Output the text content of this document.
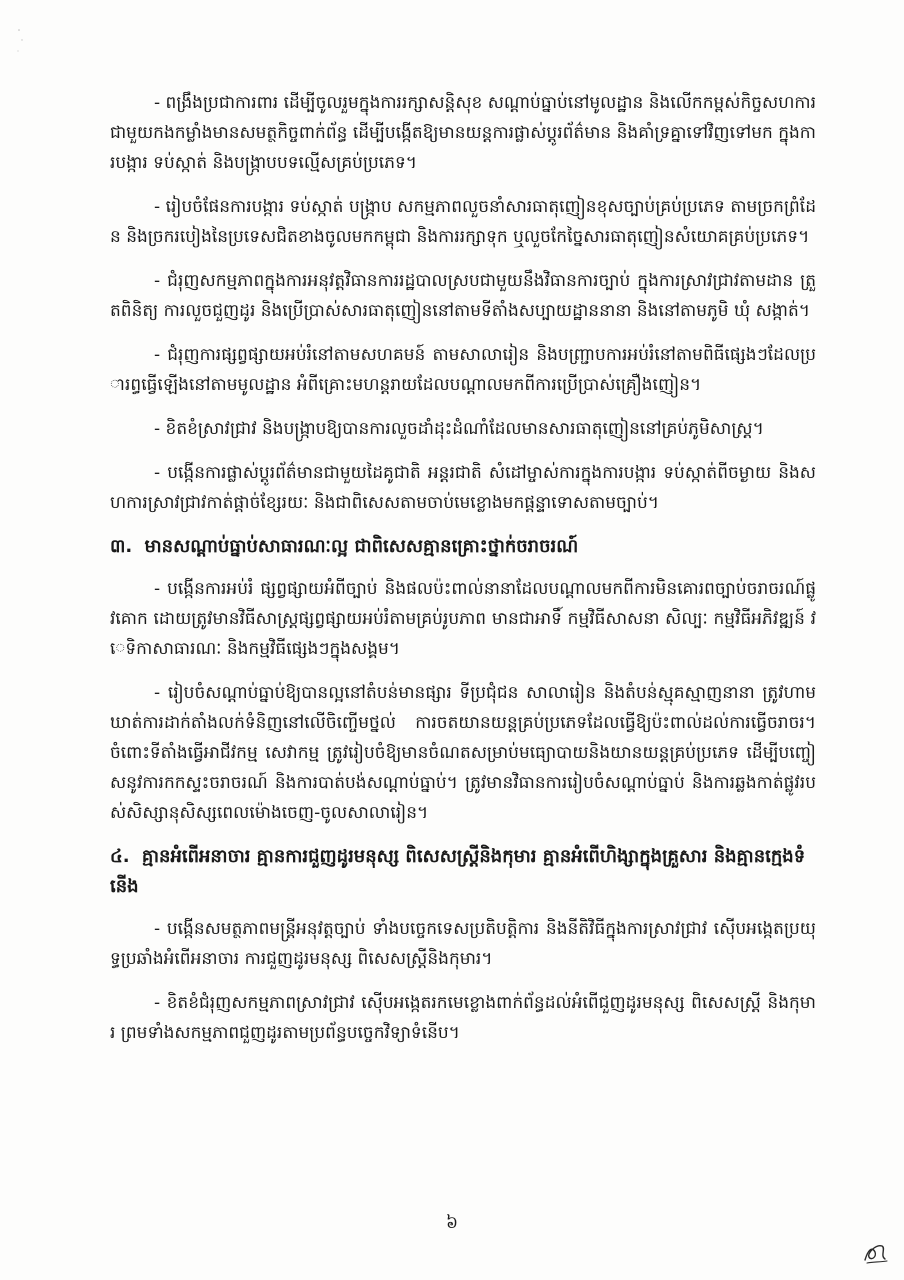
- ពង្រឹងប្រជាការពារ ដើម្បីចូលរួមក្នុងការរក្សាសន្តិសុខ សណ្តាប់ធ្នាប់នៅមូលដ្ឋាន និងលើកកម្ពស់កិច្ចសហការជាមួយកងកម្លាំងមានសមត្ថកិច្ចពាក់ព័ន្ធ ដើម្បីបង្កើតឱ្យមានយន្តការផ្លាស់ប្តូរព័ត៌មាន និងគាំទ្រគ្នាទៅវិញទៅមក ក្នុងការបង្ការ ទប់ស្កាត់ និងបង្ក្រាបបទល្មើសគ្រប់ប្រភេទ។

- រៀបចំផែនការបង្ការ ទប់ស្កាត់ បង្ក្រាប សកម្មភាពលួចនាំសារធាតុញៀនខុសច្បាប់គ្រប់ប្រភេទ តាមច្រកព្រំដែន និងច្រករបៀងនៃប្រទេសជិតខាងចូលមកកម្ពុជា និងការរក្សាទុក ឬលួចកែច្នៃសារធាតុញៀនសំយោគគ្រប់ប្រភេទ។

- ជំរុញសកម្មភាពក្នុងការអនុវត្តវិធានការរដ្ឋបាលស្របជាមួយនឹងវិធានការច្បាប់ ក្នុងការស្រាវជ្រាវតាមដាន ត្រួតពិនិត្យ ការលួចជួញដូរ និងប្រើប្រាស់សារធាតុញៀននៅតាមទីតាំងសប្បាយដ្ឋាននានា និងនៅតាមភូមិ ឃុំ សង្កាត់។

- ជំរុញការផ្សព្វផ្សាយអប់រំនៅតាមសហគមន៍ តាមសាលារៀន និងបញ្ជ្រាបការអប់រំនៅតាមពិធីផ្សេងៗដែលប្រារព្ធធ្វើឡើងនៅតាមមូលដ្ឋាន អំពីគ្រោះមហន្តរាយដែលបណ្តាលមកពីការប្រើប្រាស់គ្រឿងញៀន។

- ខិតខំស្រាវជ្រាវ និងបង្ក្រាបឱ្យបានការលួចដាំដុះដំណាំដែលមានសារធាតុញៀននៅគ្រប់ភូមិសាស្ត្រ។

- បង្កើនការផ្លាស់ប្តូរព័ត៌មានជាមួយដៃគូជាតិ អន្តរជាតិ សំដៅម្ចាស់ការក្នុងការបង្ការ ទប់ស្កាត់ពីចម្ងាយ និងសហការស្រាវជ្រាវកាត់ផ្តាច់ខ្សែរយៈ និងជាពិសេសតាមចាប់មេខ្លោងមកផ្តន្ទាទោសតាមច្បាប់។

៣. មានសណ្តាប់ធ្នាប់សាធារណៈល្អ ជាពិសេសគ្មានគ្រោះថ្នាក់ចរាចរណ៍

- បង្កើនការអប់រំ ផ្សព្វផ្សាយអំពីច្បាប់ និងផលប៉ះពាល់នានាដែលបណ្តាលមកពីការមិនគោរពច្បាប់ចរាចរណ៍ផ្លូវគោក ដោយត្រូវមានវិធីសាស្ត្រផ្សព្វផ្សាយអប់រំតាមគ្រប់រូបភាព មានជាអាទិ៍ កម្មវិធីសាសនា សិល្បៈ កម្មវិធីអភិវឌ្ឍន៍ វេទិកាសាធារណៈ និងកម្មវិធីផ្សេងៗក្នុងសង្គម។

- រៀបចំសណ្តាប់ធ្នាប់ឱ្យបានល្អនៅតំបន់មានផ្សារ ទីប្រជុំជន សាលារៀន និងតំបន់ស្មុគស្មាញនានា ត្រូវហាមឃាត់ការដាក់តាំងលក់ទំនិញនៅលើចិញ្ចើមថ្នល់ ការចតយានយន្តគ្រប់ប្រភេទដែលធ្វើឱ្យប៉ះពាល់ដល់ការធ្វើចរាចរ។ ចំពោះទីតាំងធ្វើអាជីវកម្ម សេវាកម្ម ត្រូវរៀបចំឱ្យមានចំណតសម្រាប់មធ្យោបាយនិងយានយន្តគ្រប់ប្រភេទ ដើម្បីបញ្ចៀសនូវការកកស្ទះចរាចរណ៍ និងការបាត់បង់សណ្តាប់ធ្នាប់។ ត្រូវមានវិធានការរៀបចំសណ្តាប់ធ្នាប់ និងការឆ្លងកាត់ផ្លូវរបស់សិស្សានុសិស្សពេលម៉ោងចេញ-ចូលសាលារៀន។

៤. គ្មានអំពើអនាចារ គ្មានការជួញដូរមនុស្ស ពិសេសស្ត្រីនិងកុមារ គ្មានអំពើហិង្សាក្នុងគ្រួសារ និងគ្មានក្មេងទំនើង

- បង្កើនសមត្ថភាពមន្ត្រីអនុវត្តច្បាប់ ទាំងបច្ចេកទេសប្រតិបត្តិការ និងនីតិវិធីក្នុងការស្រាវជ្រាវ ស៊ើបអង្កេតប្រយុទ្ធប្រឆាំងអំពើអនាចារ ការជួញដូរមនុស្ស ពិសេសស្ត្រីនិងកុមារ។

- ខិតខំជំរុញសកម្មភាពស្រាវជ្រាវ ស៊ើបអង្កេតរកមេខ្លោងពាក់ព័ន្ធដល់អំពើជួញដូរមនុស្ស ពិសេសស្ត្រី និងកុមារ ព្រមទាំងសកម្មភាពជួញដូរតាមប្រព័ន្ធបច្ចេកវិទ្យាទំនើប។

៦
